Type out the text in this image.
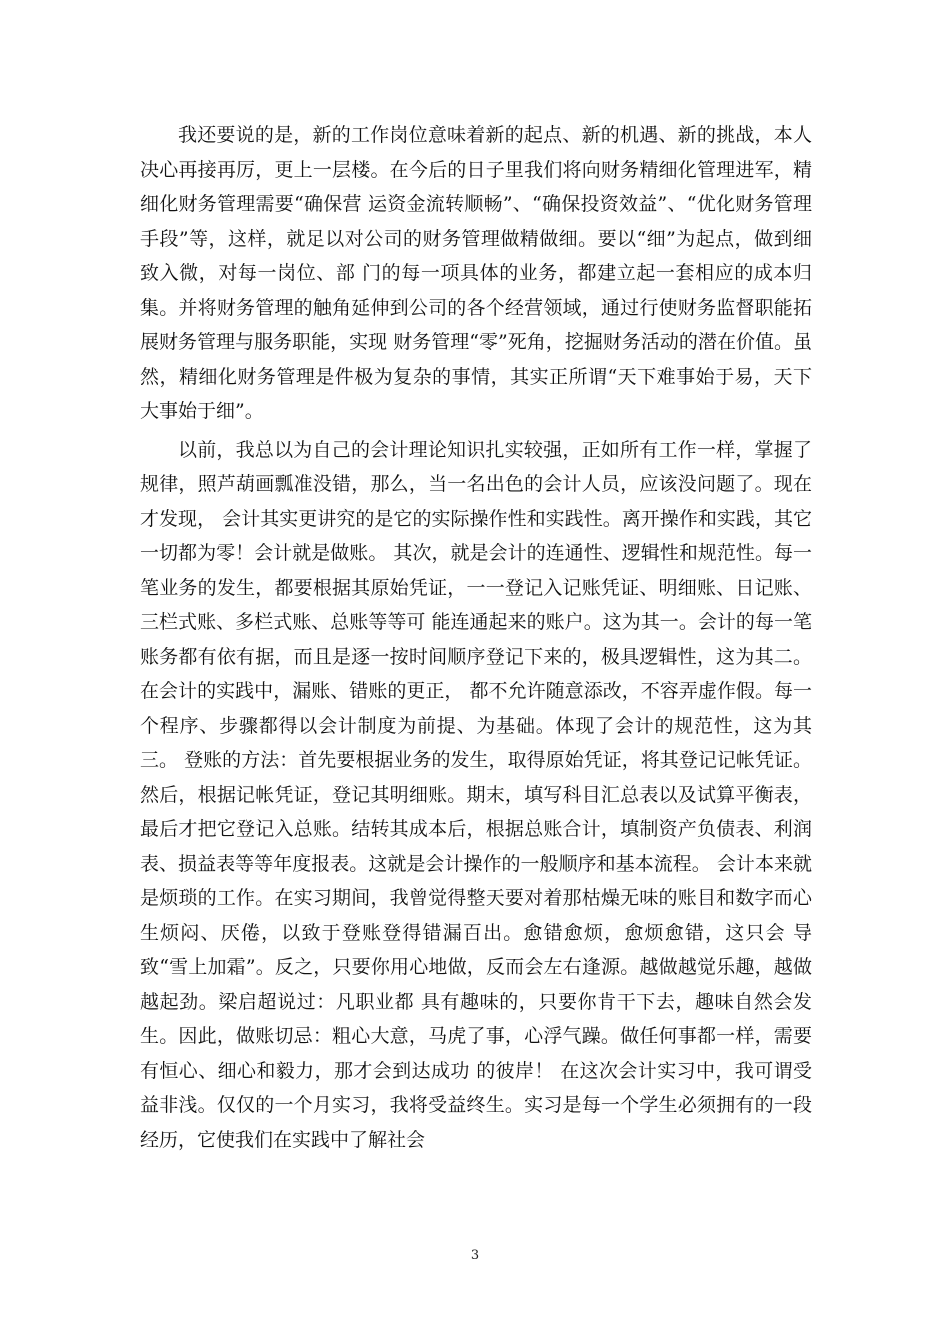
我还要说的是，新的工作岗位意味着新的起点、新的机遇、新的挑战，本人决心再接再厉，更上一层楼。在今后的日子里我们将向财务精细化管理进军，精细化财务管理需要“确保营 运资金流转顺畅”、“确保投资效益”、“优化财务管理手段”等，这样，就足以对公司的财务管理做精做细。要以“细”为起点，做到细致入微，对每一岗位、部 门的每一项具体的业务，都建立起一套相应的成本归集。并将财务管理的触角延伸到公司的各个经营领域，通过行使财务监督职能拓展财务管理与服务职能，实现 财务管理“零”死角，挖掘财务活动的潜在价值。虽然，精细化财务管理是件极为复杂的事情，其实正所谓“天下难事始于易，天下大事始于细”。

以前，我总以为自己的会计理论知识扎实较强，正如所有工作一样，掌握了规律，照芦葫画瓢准没错，那么，当一名出色的会计人员，应该没问题了。现在才发现， 会计其实更讲究的是它的实际操作性和实践性。离开操作和实践，其它一切都为零！会计就是做账。 其次，就是会计的连通性、逻辑性和规范性。每一笔业务的发生，都要根据其原始凭证，一一登记入记账凭证、明细账、日记账、三栏式账、多栏式账、总账等等可 能连通起来的账户。这为其一。会计的每一笔账务都有依有据，而且是逐一按时间顺序登记下来的，极具逻辑性，这为其二。在会计的实践中，漏账、错账的更正， 都不允许随意添改，不容弄虚作假。每一个程序、步骤都得以会计制度为前提、为基础。体现了会计的规范性，这为其三。 登账的方法：首先要根据业务的发生，取得原始凭证，将其登记记帐凭证。然后，根据记帐凭证，登记其明细账。期末，填写科目汇总表以及试算平衡表，最后才把它登记入总账。结转其成本后，根据总账合计，填制资产负债表、利润表、损益表等等年度报表。这就是会计操作的一般顺序和基本流程。 会计本来就是烦琐的工作。在实习期间，我曾觉得整天要对着那枯燥无味的账目和数字而心生烦闷、厌倦，以致于登账登得错漏百出。愈错愈烦，愈烦愈错，这只会 导致“雪上加霜”。反之，只要你用心地做，反而会左右逢源。越做越觉乐趣，越做越起劲。梁启超说过：凡职业都 具有趣味的，只要你肯干下去，趣味自然会发生。因此，做账切忌：粗心大意，马虎了事，心浮气躁。做任何事都一样，需要有恒心、细心和毅力，那才会到达成功 的彼岸！ 在这次会计实习中，我可谓受益非浅。仅仅的一个月实习，我将受益终生。实习是每一个学生必须拥有的一段经历，它使我们在实践中了解社会

3
